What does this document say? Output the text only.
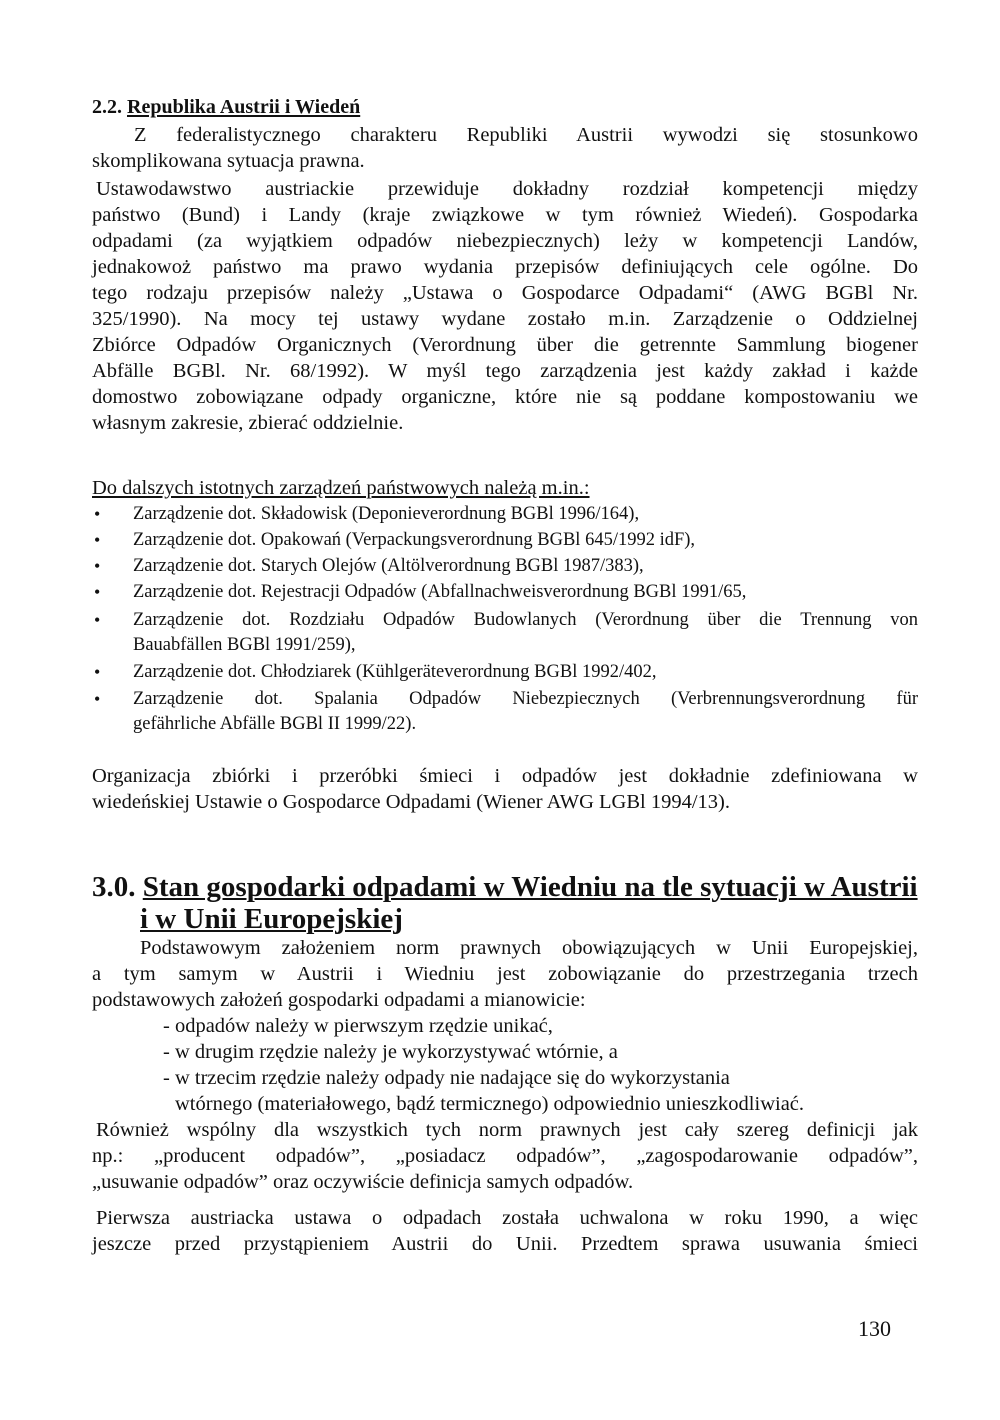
2.2. Republika Austrii i Wiedeń
Z federalistycznego charakteru Republiki Austrii wywodzi się stosunkowo
skomplikowana sytuacja prawna.
Ustawodawstwo austriackie przewiduje dokładny rozdział kompetencji między
państwo (Bund) i Landy (kraje związkowe w tym również Wiedeń). Gospodarka
odpadami (za wyjątkiem odpadów niebezpiecznych) leży w kompetencji Landów,
jednakowoż państwo ma prawo wydania przepisów definiujących cele ogólne. Do
tego rodzaju przepisów należy „Ustawa o Gospodarce Odpadami“ (AWG BGBl Nr.
325/1990). Na mocy tej ustawy wydane zostało m.in. Zarządzenie o Oddzielnej
Zbiórce Odpadów Organicznych (Verordnung über die getrennte Sammlung biogener
Abfälle BGBl. Nr. 68/1992). W myśl tego zarządzenia jest każdy zakład i każde
domostwo zobowiązane odpady organiczne, które nie są poddane kompostowaniu we
własnym zakresie, zbierać oddzielnie.
Do dalszych istotnych zarządzeń państwowych należą m.in.:
• Zarządzenie dot. Składowisk (Deponieverordnung BGBl 1996/164),
• Zarządzenie dot. Opakowań (Verpackungsverordnung BGBl 645/1992 idF),
• Zarządzenie dot. Starych Olejów (Altölverordnung BGBl 1987/383),
• Zarządzenie dot. Rejestracji Odpadów (Abfallnachweisverordnung BGBl 1991/65,
• Zarządzenie dot. Rozdziału Odpadów Budowlanych (Verordnung über die Trennung von
Bauabfällen BGBl 1991/259),
• Zarządzenie dot. Chłodziarek (Kühlgeräteverordnung BGBl 1992/402,
• Zarządzenie dot. Spalania Odpadów Niebezpiecznych (Verbrennungsverordnung für
gefährliche Abfälle BGBl II 1999/22).
Organizacja zbiórki i przeróbki śmieci i odpadów jest dokładnie zdefiniowana w
wiedeńskiej Ustawie o Gospodarce Odpadami (Wiener AWG LGBl 1994/13).
3.0. Stan gospodarki odpadami w Wiedniu na tle sytuacji w Austrii
i w Unii Europejskiej
Podstawowym założeniem norm prawnych obowiązujących w Unii Europejskiej,
a tym samym w Austrii i Wiedniu jest zobowiązanie do przestrzegania trzech
podstawowych założeń gospodarki odpadami a mianowicie:
- odpadów należy w pierwszym rzędzie unikać,
- w drugim rzędzie należy je wykorzystywać wtórnie, a
- w trzecim rzędzie należy odpady nie nadające się do wykorzystania
wtórnego (materiałowego, bądź termicznego) odpowiednio unieszkodliwiać.
Również wspólny dla wszystkich tych norm prawnych jest cały szereg definicji jak
np.: „producent odpadów”, „posiadacz odpadów”, „zagospodarowanie odpadów”,
„usuwanie odpadów” oraz oczywiście definicja samych odpadów.
Pierwsza austriacka ustawa o odpadach została uchwalona w roku 1990, a więc
jeszcze przed przystąpieniem Austrii do Unii. Przedtem sprawa usuwania śmieci
130
